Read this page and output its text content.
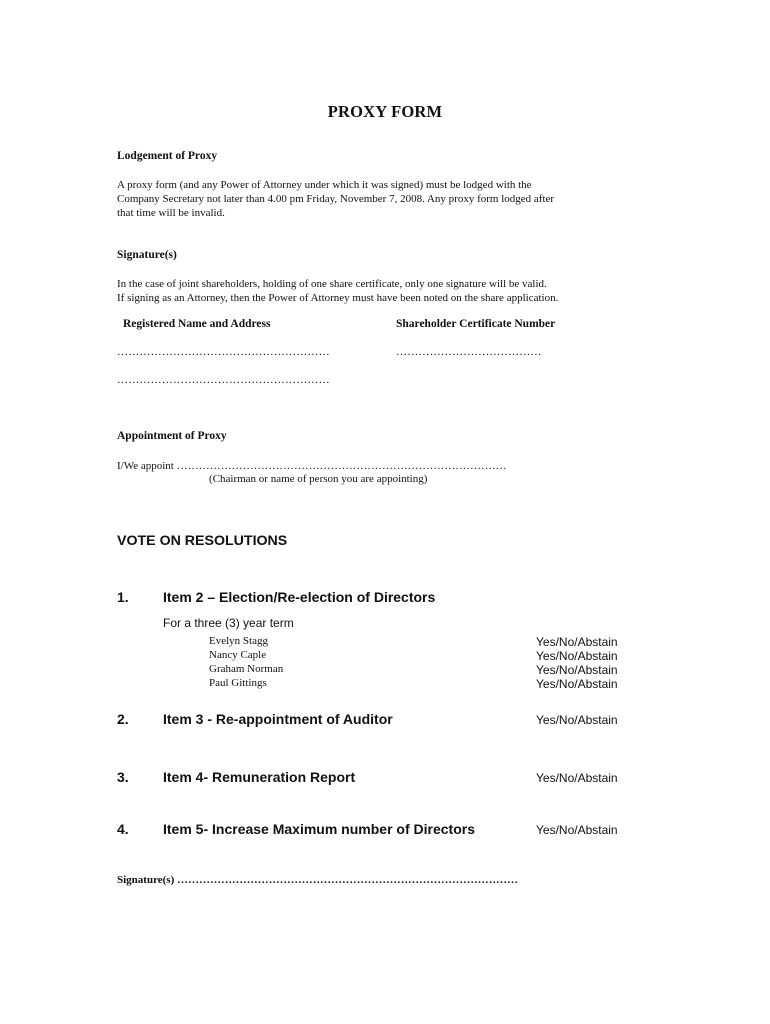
PROXY FORM
Lodgement of Proxy
A proxy form (and any Power of Attorney under which it was signed) must be lodged with the
Company Secretary not later than 4.00 pm Friday, November 7, 2008. Any proxy form lodged after
that time will be invalid.
Signature(s)
In the case of joint shareholders, holding of one share certificate, only one signature will be valid.
If signing as an Attorney, then the Power of Attorney must have been noted on the share application.
Registered Name and Address	Shareholder Certificate Number
…………………………………………………	…………………………………
…………………………………………………
Appointment of Proxy
I/We appoint ………………………………………………………………………………
(Chairman or name of person you are appointing)
VOTE ON RESOLUTIONS
1. Item 2 – Election/Re-election of Directors
For a three (3) year term
Evelyn Stagg	Yes/No/Abstain
Nancy Caple	Yes/No/Abstain
Graham Norman	Yes/No/Abstain
Paul Gittings	Yes/No/Abstain
2. Item 3 - Re-appointment of Auditor	Yes/No/Abstain
3. Item 4- Remuneration Report	Yes/No/Abstain
4. Item 5- Increase Maximum number of Directors	Yes/No/Abstain
Signature(s) …………………………………………………………………………………
